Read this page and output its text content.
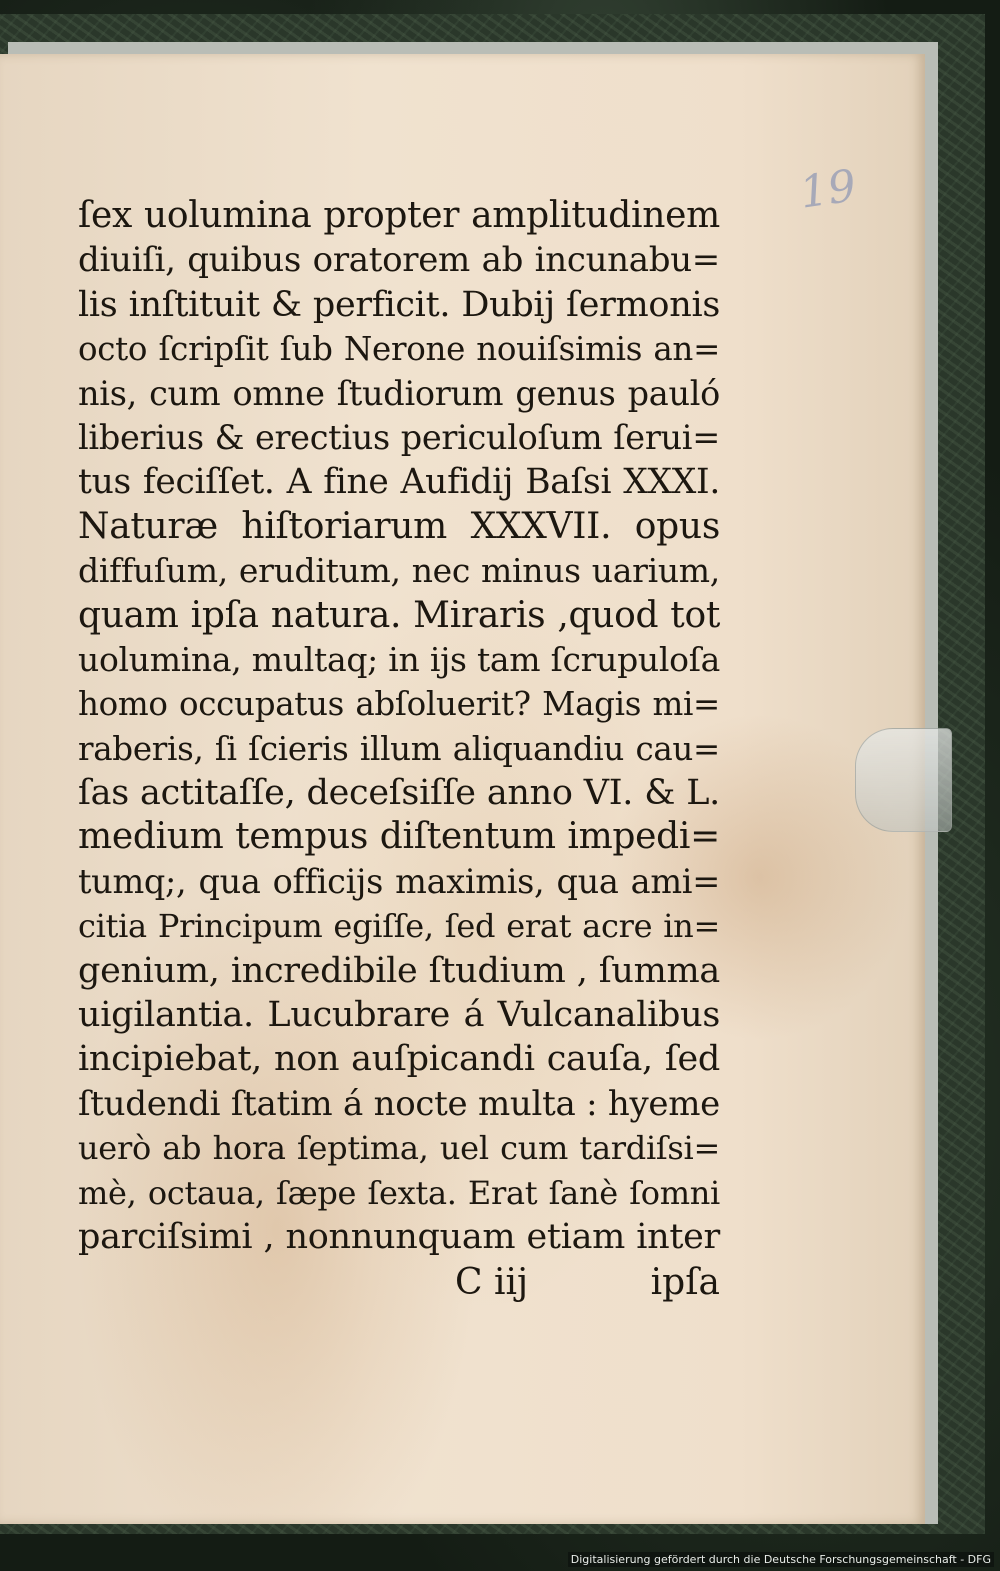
19
ſex uolumina propter amplitudinem
diuiſi, quibus oratorem ab incunabu=
lis inſtituit & perficit. Dubij ſermonis
octo ſcripſit ſub Nerone nouiſsimis an=
nis, cum omne ſtudiorum genus pauló
liberius & erectius periculoſum ſerui=
tus feciſſet. A fine Aufidij Baſsi XXXI.
Naturæ hiſtoriarum XXXVII. opus
diffuſum, eruditum, nec minus uarium,
quam ipſa natura. Miraris ,quod tot
uolumina, multaq; in ijs tam ſcrupuloſa
homo occupatus abſoluerit? Magis mi=
raberis, ſi ſcieris illum aliquandiu cau=
ſas actitaſſe, deceſsiſſe anno VI. & L.
medium tempus diſtentum impedi=
tumq;, qua officijs maximis, qua ami=
citia Principum egiſſe, ſed erat acre in=
genium, incredibile ſtudium , ſumma
uigilantia. Lucubrare á Vulcanalibus
incipiebat, non auſpicandi cauſa, ſed
ſtudendi ſtatim á nocte multa : hyeme
uerò ab hora ſeptima, uel cum tardiſsi=
mè, octaua, ſæpe ſexta. Erat ſanè ſomni
parciſsimi , nonnunquam etiam inter
C iij	ipſa
Digitalisierung gefördert durch die Deutsche Forschungsgemeinschaft - DFG
